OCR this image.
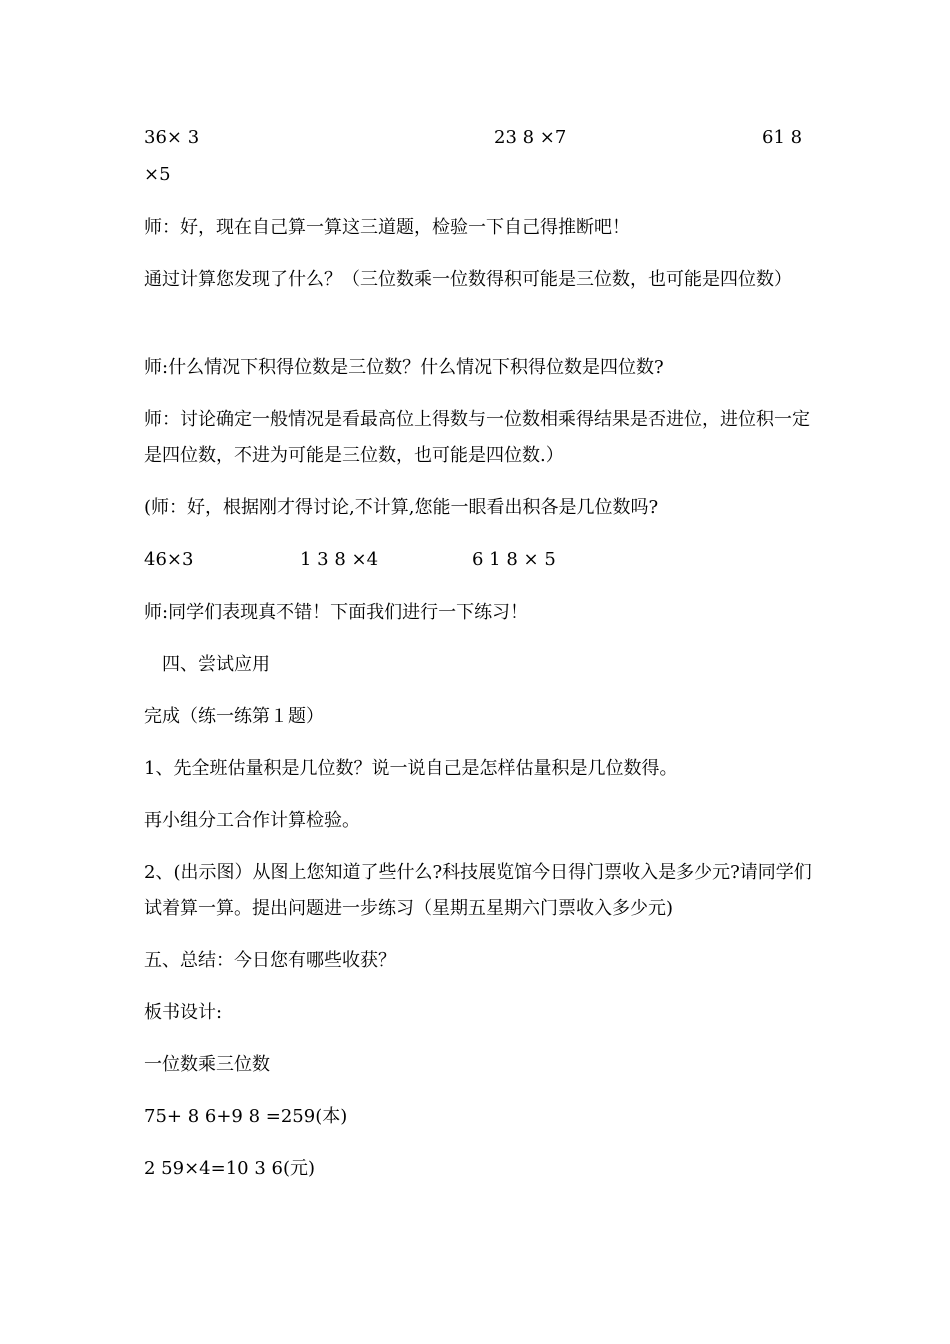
36× 3	23 8 ×7	61 8
×5
师：好，现在自己算一算这三道题，检验一下自己得推断吧！
通过计算您发现了什么？（三位数乘一位数得积可能是三位数，也可能是四位数）
师:什么情况下积得位数是三位数？什么情况下积得位数是四位数?
师：讨论确定一般情况是看最高位上得数与一位数相乘得结果是否进位，进位积一定是四位数，不进为可能是三位数，也可能是四位数.）
(师：好，根据刚才得讨论,不计算,您能一眼看出积各是几位数吗?
46×3	1 3 8 ×4	6 1 8 × 5
师:同学们表现真不错！下面我们进行一下练习！
四、尝试应用
完成（练一练第１题）
1、先全班估量积是几位数？说一说自己是怎样估量积是几位数得。
再小组分工合作计算检验。
2、(出示图）从图上您知道了些什么?科技展览馆今日得门票收入是多少元?请同学们试着算一算。提出问题进一步练习（星期五星期六门票收入多少元)
五、总结：今日您有哪些收获？
板书设计:
一位数乘三位数
75+ 8 6+9 8 =259(本)
2 59×4=10 3 6(元)
